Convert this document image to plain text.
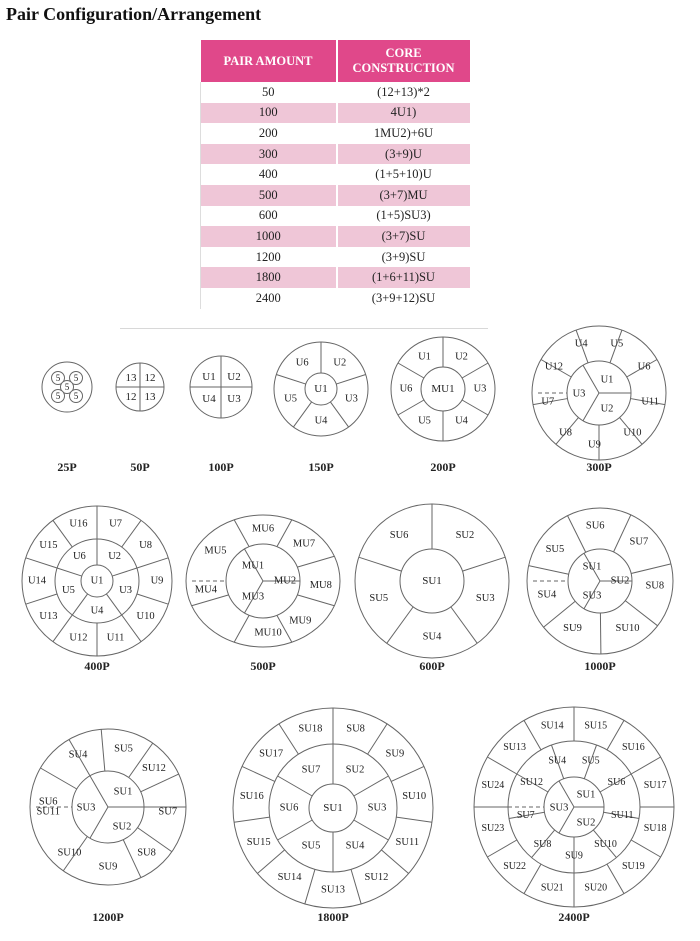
Pair Configuration/Arrangement
PAIR AMOUNT	CORE CONSTRUCTION
50	(12+13)*2
100	4U1)
200	1MU2)+6U
300	(3+9)U
400	(1+5+10)U
500	(3+7)MU
600	(1+5)SU3)
1000	(3+7)SU
1200	(3+9)SU
1800	(1+6+11)SU
2400	(3+9+12)SU
5 5
5
5 5
25P
13 12
12 13
50P
U1 U2
U4 U3
100P
U1
U6 U2
U5	U3
U4
150P
MU1
U1 U2
U6	U3
U5 U4
200P
U1
U3
U2
U4 U5
U12	U6
U7	U11
U8	U10
U9
300P
U1
U6 U2
U5	U3
U4
U16 U7
U15	U8
U14	U9
U13	U10
U12 U11
400P
MU1
MU2
MU3
MU6
MU5
MU7
MU8
MU4
MU10
MU9
500P
SU1
SU6	SU2
SU5	SU3
SU4
600P
SU1
SU2
SU3
SU6
SU5
SU7
SU8
SU4
SU10
SU9
1000P
SU1
SU3
SU2
SU4
SU5
SU12
SU6
SU7
SU11
SU8
SU10
SU9
1200P
SU1
SU7 SU2
SU6	SU3
SU5 SU4
SU18 SU8
SU17	SU9
SU16	SU10
SU15	SU11
SU14	SU12
SU13
1800P
SU1
SU3
SU2
SU4 SU5
SU12	SU6
SU7	SU11
SU8	SU10
SU9
SU14 SU15
SU13	SU16
SU24	SU17
SU23	SU18
SU22	SU19
SU21 SU20
2400P
